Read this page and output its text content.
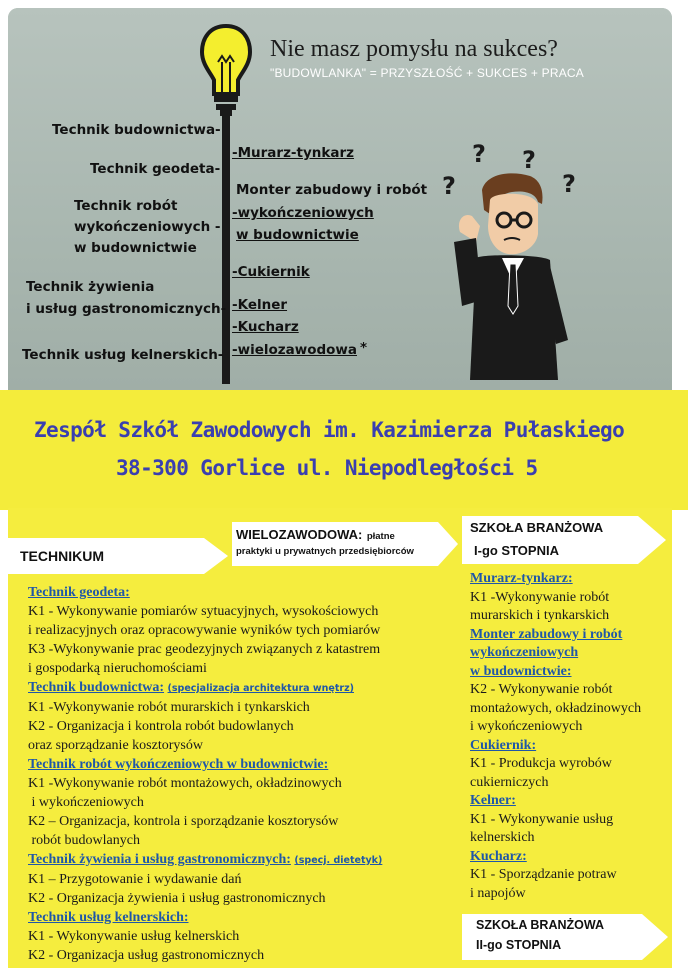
Nie masz pomysłu na sukces?
"BUDOWLANKA" = PRZYSZŁOŚĆ + SUKCES + PRACA
Technik budownictwa-
Technik geodeta-
Technik robót
wykończeniowych -
w budownictwie
Technik żywienia
i usług gastronomicznych-
Technik usług kelnerskich-
-Murarz-tynkarz
Monter zabudowy i robót
-wykończeniowych
w budownictwie
-Cukiernik
-Kelner
-Kucharz
-wielozawodowa *
?
? ?
?
Zespół Szkół Zawodowych im. Kazimierza Pułaskiego
38-300 Gorlice ul. Niepodległości 5
TECHNIKUM
WIELOZAWODOWA: płatne
praktyki u prywatnych przedsiębiorców
SZKOŁA BRANŻOWA
I-go STOPNIA
SZKOŁA BRANŻOWA
II-go STOPNIA

Technik geodeta:

K1 - Wykonywanie pomiarów sytuacyjnych, wysokościowych

i realizacyjnych oraz opracowywanie wyników tych pomiarów

K3 -Wykonywanie prac geodezyjnych związanych z katastrem

i gospodarką nieruchomościami

Technik budownictwa: (specjalizacja architektura wnętrz)

K1 -Wykonywanie robót murarskich i tynkarskich

K2 - Organizacja i kontrola robót budowlanych

oraz sporządzanie kosztorysów

Technik robót wykończeniowych w budownictwie:

K1 -Wykonywanie robót montażowych, okładzinowych

i wykończeniowych

K2 – Organizacja, kontrola i sporządzanie kosztorysów

robót budowlanych

Technik żywienia i usług gastronomicznych: (specj. dietetyk)

K1 – Przygotowanie i wydawanie dań

K2 - Organizacja żywienia i usług gastronomicznych

Technik usług kelnerskich:

K1 - Wykonywanie usług kelnerskich

K2 - Organizacja usług gastronomicznych

Murarz-tynkarz:

K1 -Wykonywanie robót

murarskich i tynkarskich

Monter zabudowy i robót

wykończeniowych

w budownictwie:

K2 - Wykonywanie robót

montażowych, okładzinowych

i wykończeniowych

Cukiernik:

K1 - Produkcja wyrobów

cukierniczych

Kelner:

K1 - Wykonywanie usług

kelnerskich

Kucharz:

K1 - Sporządzanie potraw

i napojów
